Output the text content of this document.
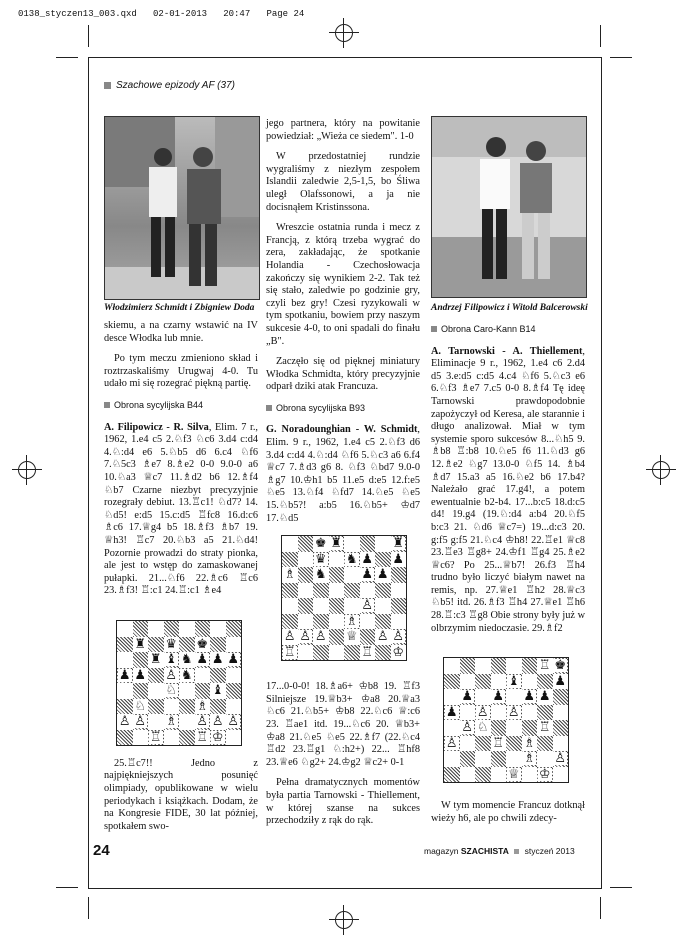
0138_styczen13_003.qxd   02-01-2013   20:47   Page 24
Szachowe epizody AF (37)
Włodzimierz Schmidt i Zbigniew Doda	Andrzej Filipowicz i Witold Balcerowski

skiemu, a na czarny wstawić na IV desce Włodka lub mnie.

Po tym meczu zmieniono skład i roztrzaskaliśmy Urugwaj 4-0. Tu udało mi się rozegrać piękną partię.

Obrona sycylijska B44

A. Filipowicz - R. Silva, Elim. 7 r., 1962, 1.e4 c5 2.♘f3 ♘c6 3.d4 c:d4 4.♘:d4 e6 5.♘b5 d6 6.c4 ♘f6 7.♘5c3 ♗e7 8.♗e2 0-0 9.0-0 a6 10.♘a3 ♕c7 11.♗d2 b6 12.♗f4 ♘b7 Czarne niezbyt precyzyjnie rozegrały debiut. 13.♖c1! ♘d7? 14. ♘d5! e:d5 15.c:d5 ♖fc8 16.d:c6 ♗c6 17.♕g4 b5 18.♗f3 ♗b7 19. ♕h3! ♖c7 20.♘b3 a5 21.♘d4! Pozornie prowadzi do straty pionka, ale jest to wstęp do zamaskowanej pułapki. 21...♘f6 22.♗c6 ♖c6 23.♗f3! ♖:c1 24.♖:c1 ♗e4

25.♖c7!! Jedno z najpiękniejszych posunięć olimpiady, opublikowane w wielu periodykach i książkach. Dodam, że na Kongresie FIDE, 30 lat później, spotkałem swo-

jego partnera, który na powitanie powiedział: „Wieża ce siedem". 1-0

W przedostatniej rundzie wygraliśmy z niezłym zespołem Islandii zaledwie 2,5-1,5, bo Śliwa uległ Olafssonowi, a ja nie docisnąłem Kristinssona.

Wreszcie ostatnia runda i mecz z Francją, z którą trzeba wygrać do zera, zakładając, że spotkanie Holandia - Czechosłowacja zakończy się wynikiem 2-2. Tak też się stało, zaledwie po godzinie gry, czyli bez gry! Czesi ryzykowali w tym spotkaniu, bowiem przy naszym sukcesie 4-0, to oni spadali do finału „B".

Zaczęło się od pięknej miniatury Włodka Schmidta, który precyzyjnie odparł dziki atak Francuza.

Obrona sycylijska B93

G. Noradounghian - W. Schmidt, Elim. 9 r., 1962, 1.e4 c5 2.♘f3 d6 3.d4 c:d4 4.♘:d4 ♘f6 5.♘c3 a6 6.f4 ♕c7 7.♗d3 g6 8. ♘f3 ♘bd7 9.0-0 ♗g7 10.♔h1 b5 11.e5 d:e5 12.f:e5 ♘e5 13.♘f4 ♘fd7 14.♘e5 ♘e5 15.♘b5?! a:b5 16.♘b5+ ♔d7 17.♘d5

17...0-0-0! 18.♗a6+ ♔b8 19. ♖f3 Silniejsze 19.♕b3+ ♔a8 20.♕a3 ♘c6 21.♘b5+ ♔b8 22.♘c6 ♕:c6 23. ♖ae1 itd. 19...♘c6 20. ♕b3+ ♔a8 21.♘e5 ♘e5 22.♗f7 (22.♘c4 ♖d2 23.♖g1 ♘:h2+) 22... ♖hf8 23.♕e6 ♘g2+ 24.♔g2 ♕c2+ 0-1

Pełna dramatycznych momentów była partia Tarnowski - Thiellement, w której szanse na sukces przechodziły z rąk do rąk.

Obrona Caro-Kann B14

A. Tarnowski - A. Thiellement, Eliminacje 9 r., 1962, 1.e4 c6 2.d4 d5 3.e:d5 c:d5 4.c4 ♘f6 5.♘c3 e6 6.♘f3 ♗e7 7.c5 0-0 8.♗f4 Tę ideę Tarnowski prawdopodobnie zapożyczył od Keresa, ale starannie i długo analizował. Miał w tym systemie sporo sukcesów 8...♘h5 9. ♗b8 ♖:b8 10.♘e5 f6 11.♘d3 g6 12.♗e2 ♘g7 13.0-0 ♘f5 14. ♗b4 ♗d7 15.a3 a5 16.♘e2 b6 17.b4? Należało grać 17.g4!, a potem ewentualnie b2-b4. 17...b:c5 18.d:c5 d4! 19.g4 (19.♘:d4 a:b4 20.♘f5 b:c3 21. ♘d6 ♕c7=) 19...d:c3 20. g:f5 g:f5 21.♘c4 ♔h8! 22.♖e1 ♕c8 23.♖e3 ♖g8+ 24.♔f1 ♖g4 25.♗e2 ♕c6? Po 25...♕b7! 26.f3 ♖h4 trudno było liczyć białym nawet na remis, np. 27.♕e1 ♖h2 28.♕c3 ♘b5! itd. 26.♗f3 ♖h4 27.♕e1 ♖h6 28.♖:c3 ♖g8 Obie strony były już w olbrzymim niedoczasie. 29.♗f2

W tym momencie Francuz dotknął wieży h6, ale po chwili zdecy-

♜ ♛ ♚
♜ ♝ ♞ ♟ ♟ ♟
♟ ♟ ♙ ♞
♘	♝
♘	♗
♙ ♙ ♗ ♙ ♙ ♙
♖	♖ ♔
♚ ♜	♜
♛ ♞ ♟ ♟
♗ ♞	♟ ♟
♙
♗
♙ ♙ ♙ ♕ ♙ ♙
♖	♖ ♔
♖ ♚
♝	♟
♟ ♟ ♟ ♟
♟ ♙ ♙
♙ ♘	♖
♙	♖ ♗
♗ ♙
♕ ♔
24	magazyn SZACHISTA styczeń 2013
